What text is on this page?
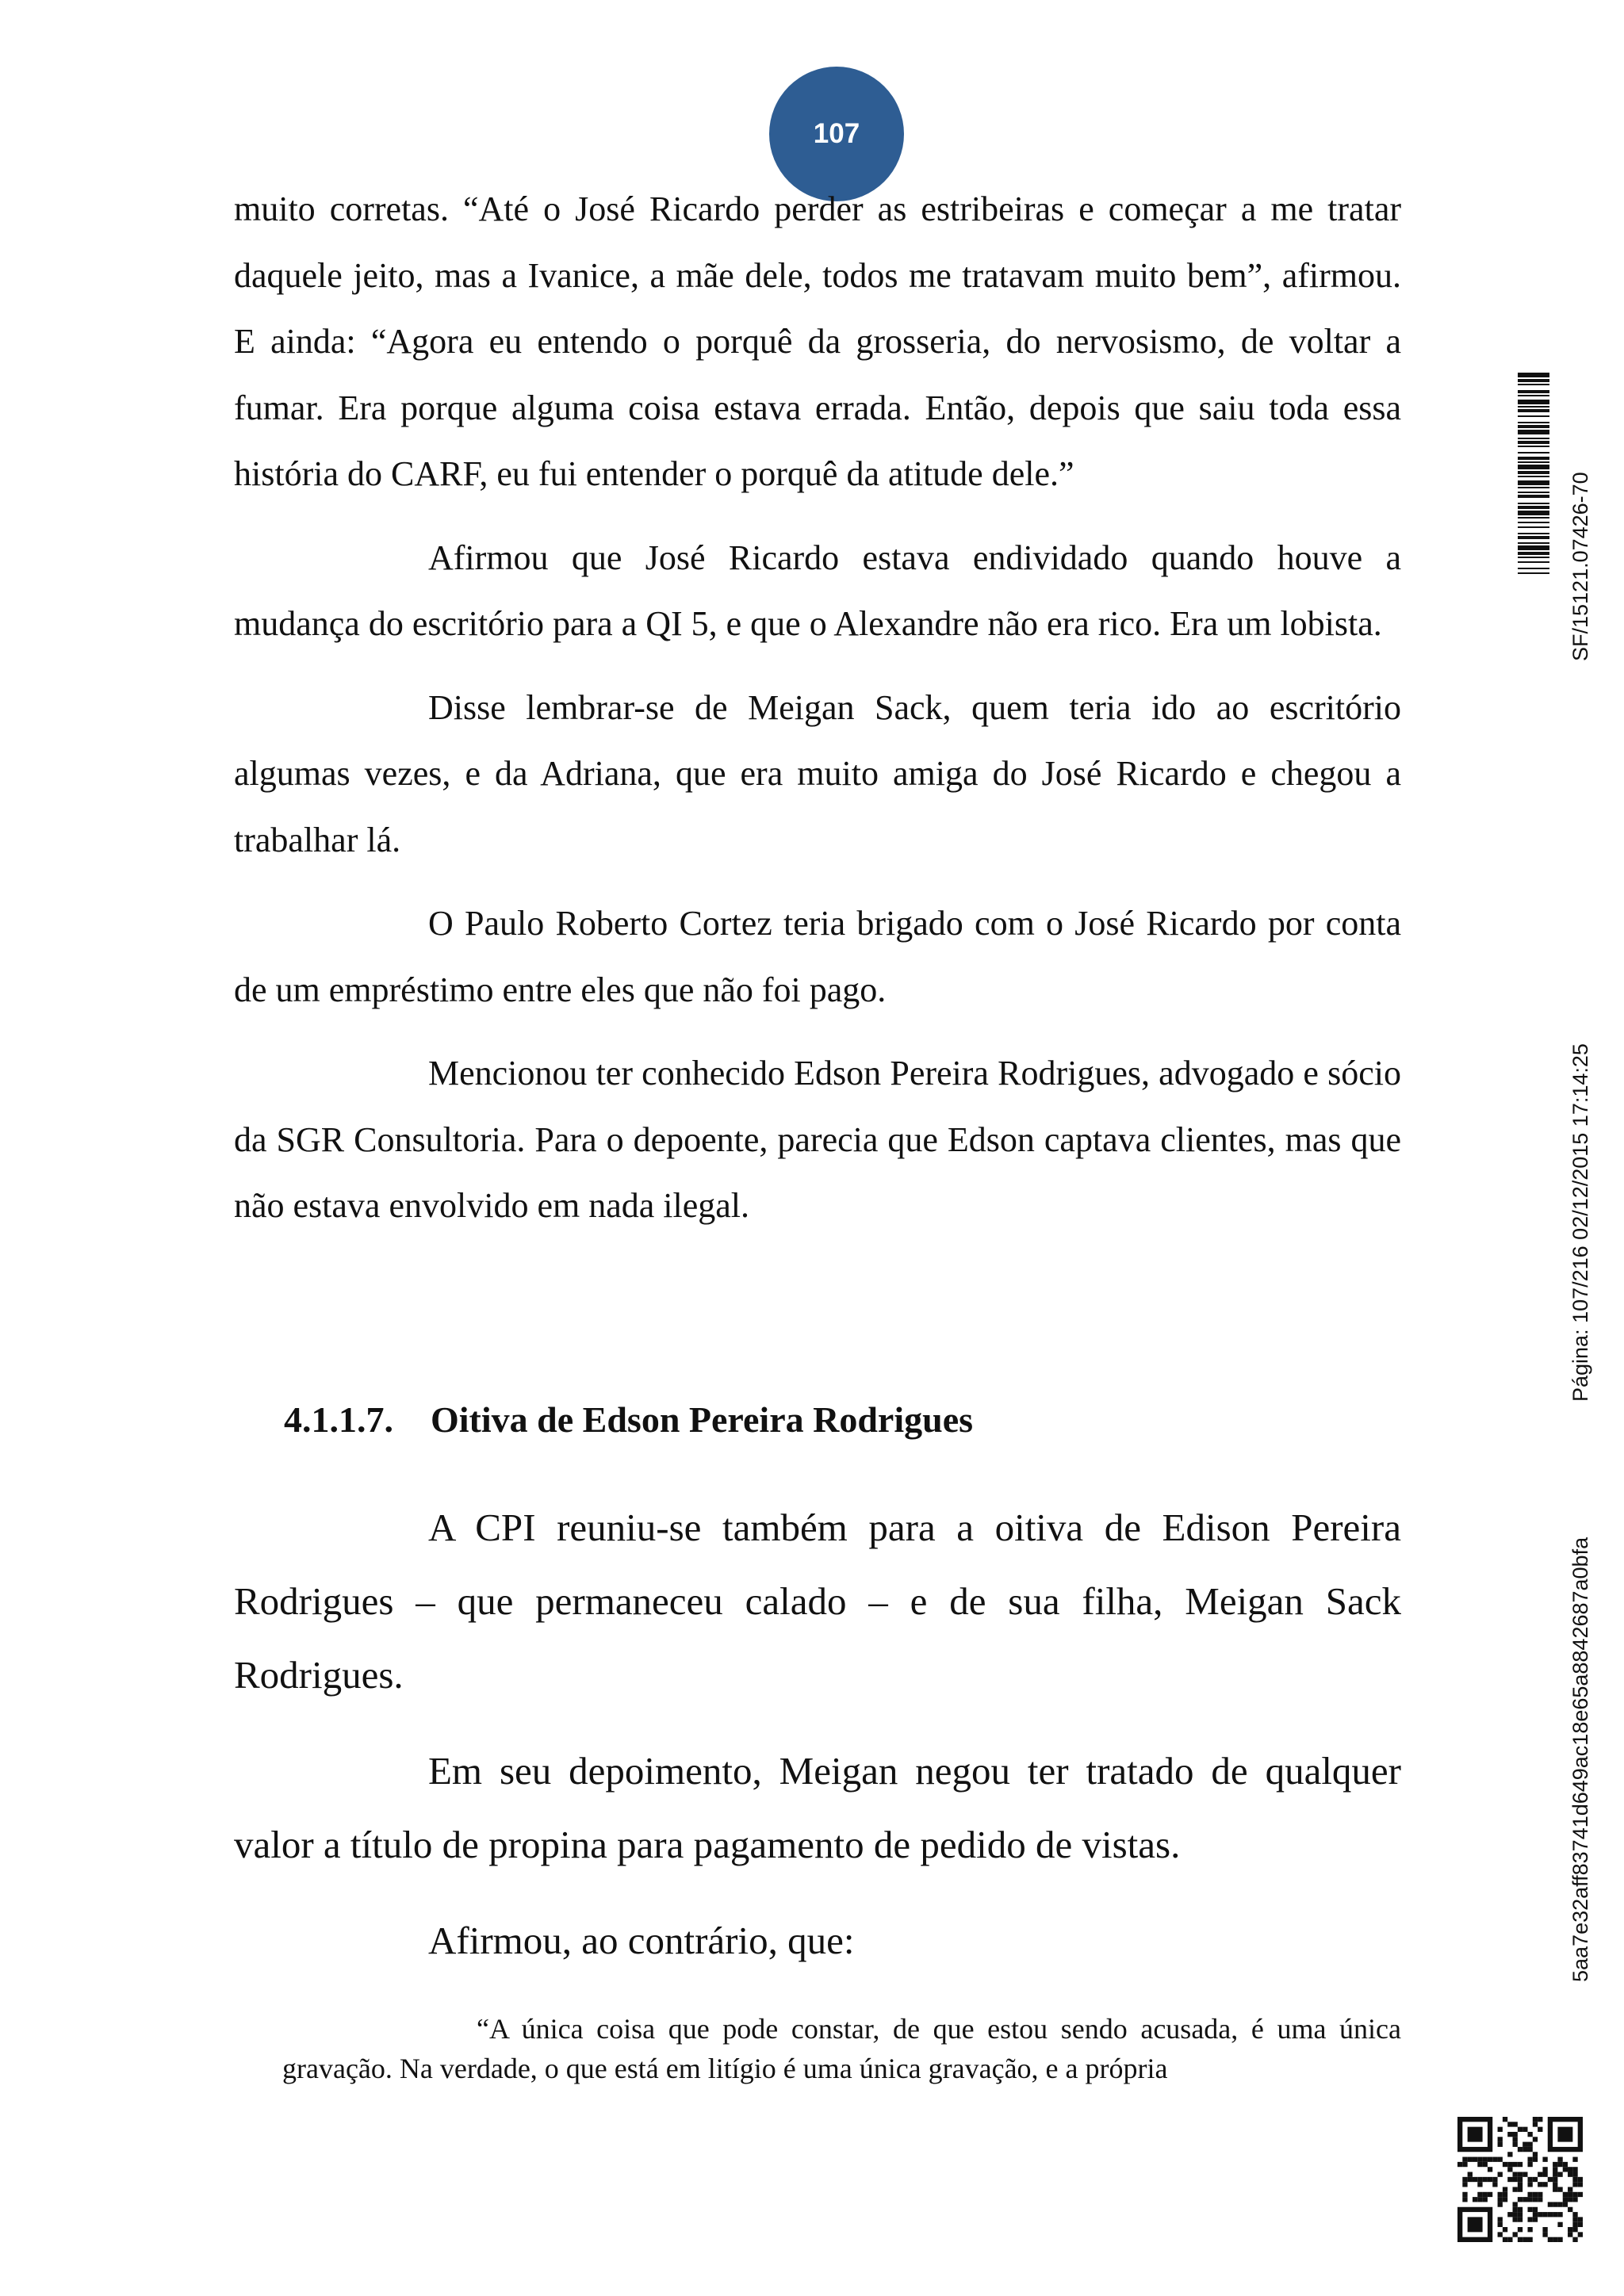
107

muito corretas. “Até o José Ricardo perder as estribeiras e começar a me tratar daquele jeito, mas a Ivanice, a mãe dele, todos me tratavam muito bem”, afirmou. E ainda: “Agora eu entendo o porquê da grosseria, do nervosismo, de voltar a fumar. Era porque alguma coisa estava errada. Então, depois que saiu toda essa história do CARF, eu fui entender o porquê da atitude dele.”

Afirmou que José Ricardo estava endividado quando houve a mudança do escritório para a QI 5, e que o Alexandre não era rico. Era um lobista.

Disse lembrar-se de Meigan Sack, quem teria ido ao escritório algumas vezes, e da Adriana, que era muito amiga do José Ricardo e chegou a trabalhar lá.

O Paulo Roberto Cortez teria brigado com o José Ricardo por conta de um empréstimo entre eles que não foi pago.

Mencionou ter conhecido Edson Pereira Rodrigues, advogado e sócio da SGR Consultoria. Para o depoente, parecia que Edson captava clientes, mas que não estava envolvido em nada ilegal.

4.1.1.7. Oitiva de Edson Pereira Rodrigues

A CPI reuniu-se também para a oitiva de Edison Pereira Rodrigues – que permaneceu calado – e de sua filha, Meigan Sack Rodrigues.

Em seu depoimento, Meigan negou ter tratado de qualquer valor a título de propina para pagamento de pedido de vistas.

Afirmou, ao contrário, que:

“A única coisa que pode constar, de que estou sendo acusada, é uma única gravação. Na verdade, o que está em litígio é uma única gravação, e a própria

SF/15121.07426-70
Página: 107/216 02/12/2015 17:14:25
5aa7e32aff83741d649ac18e65a8842687a0bfa
